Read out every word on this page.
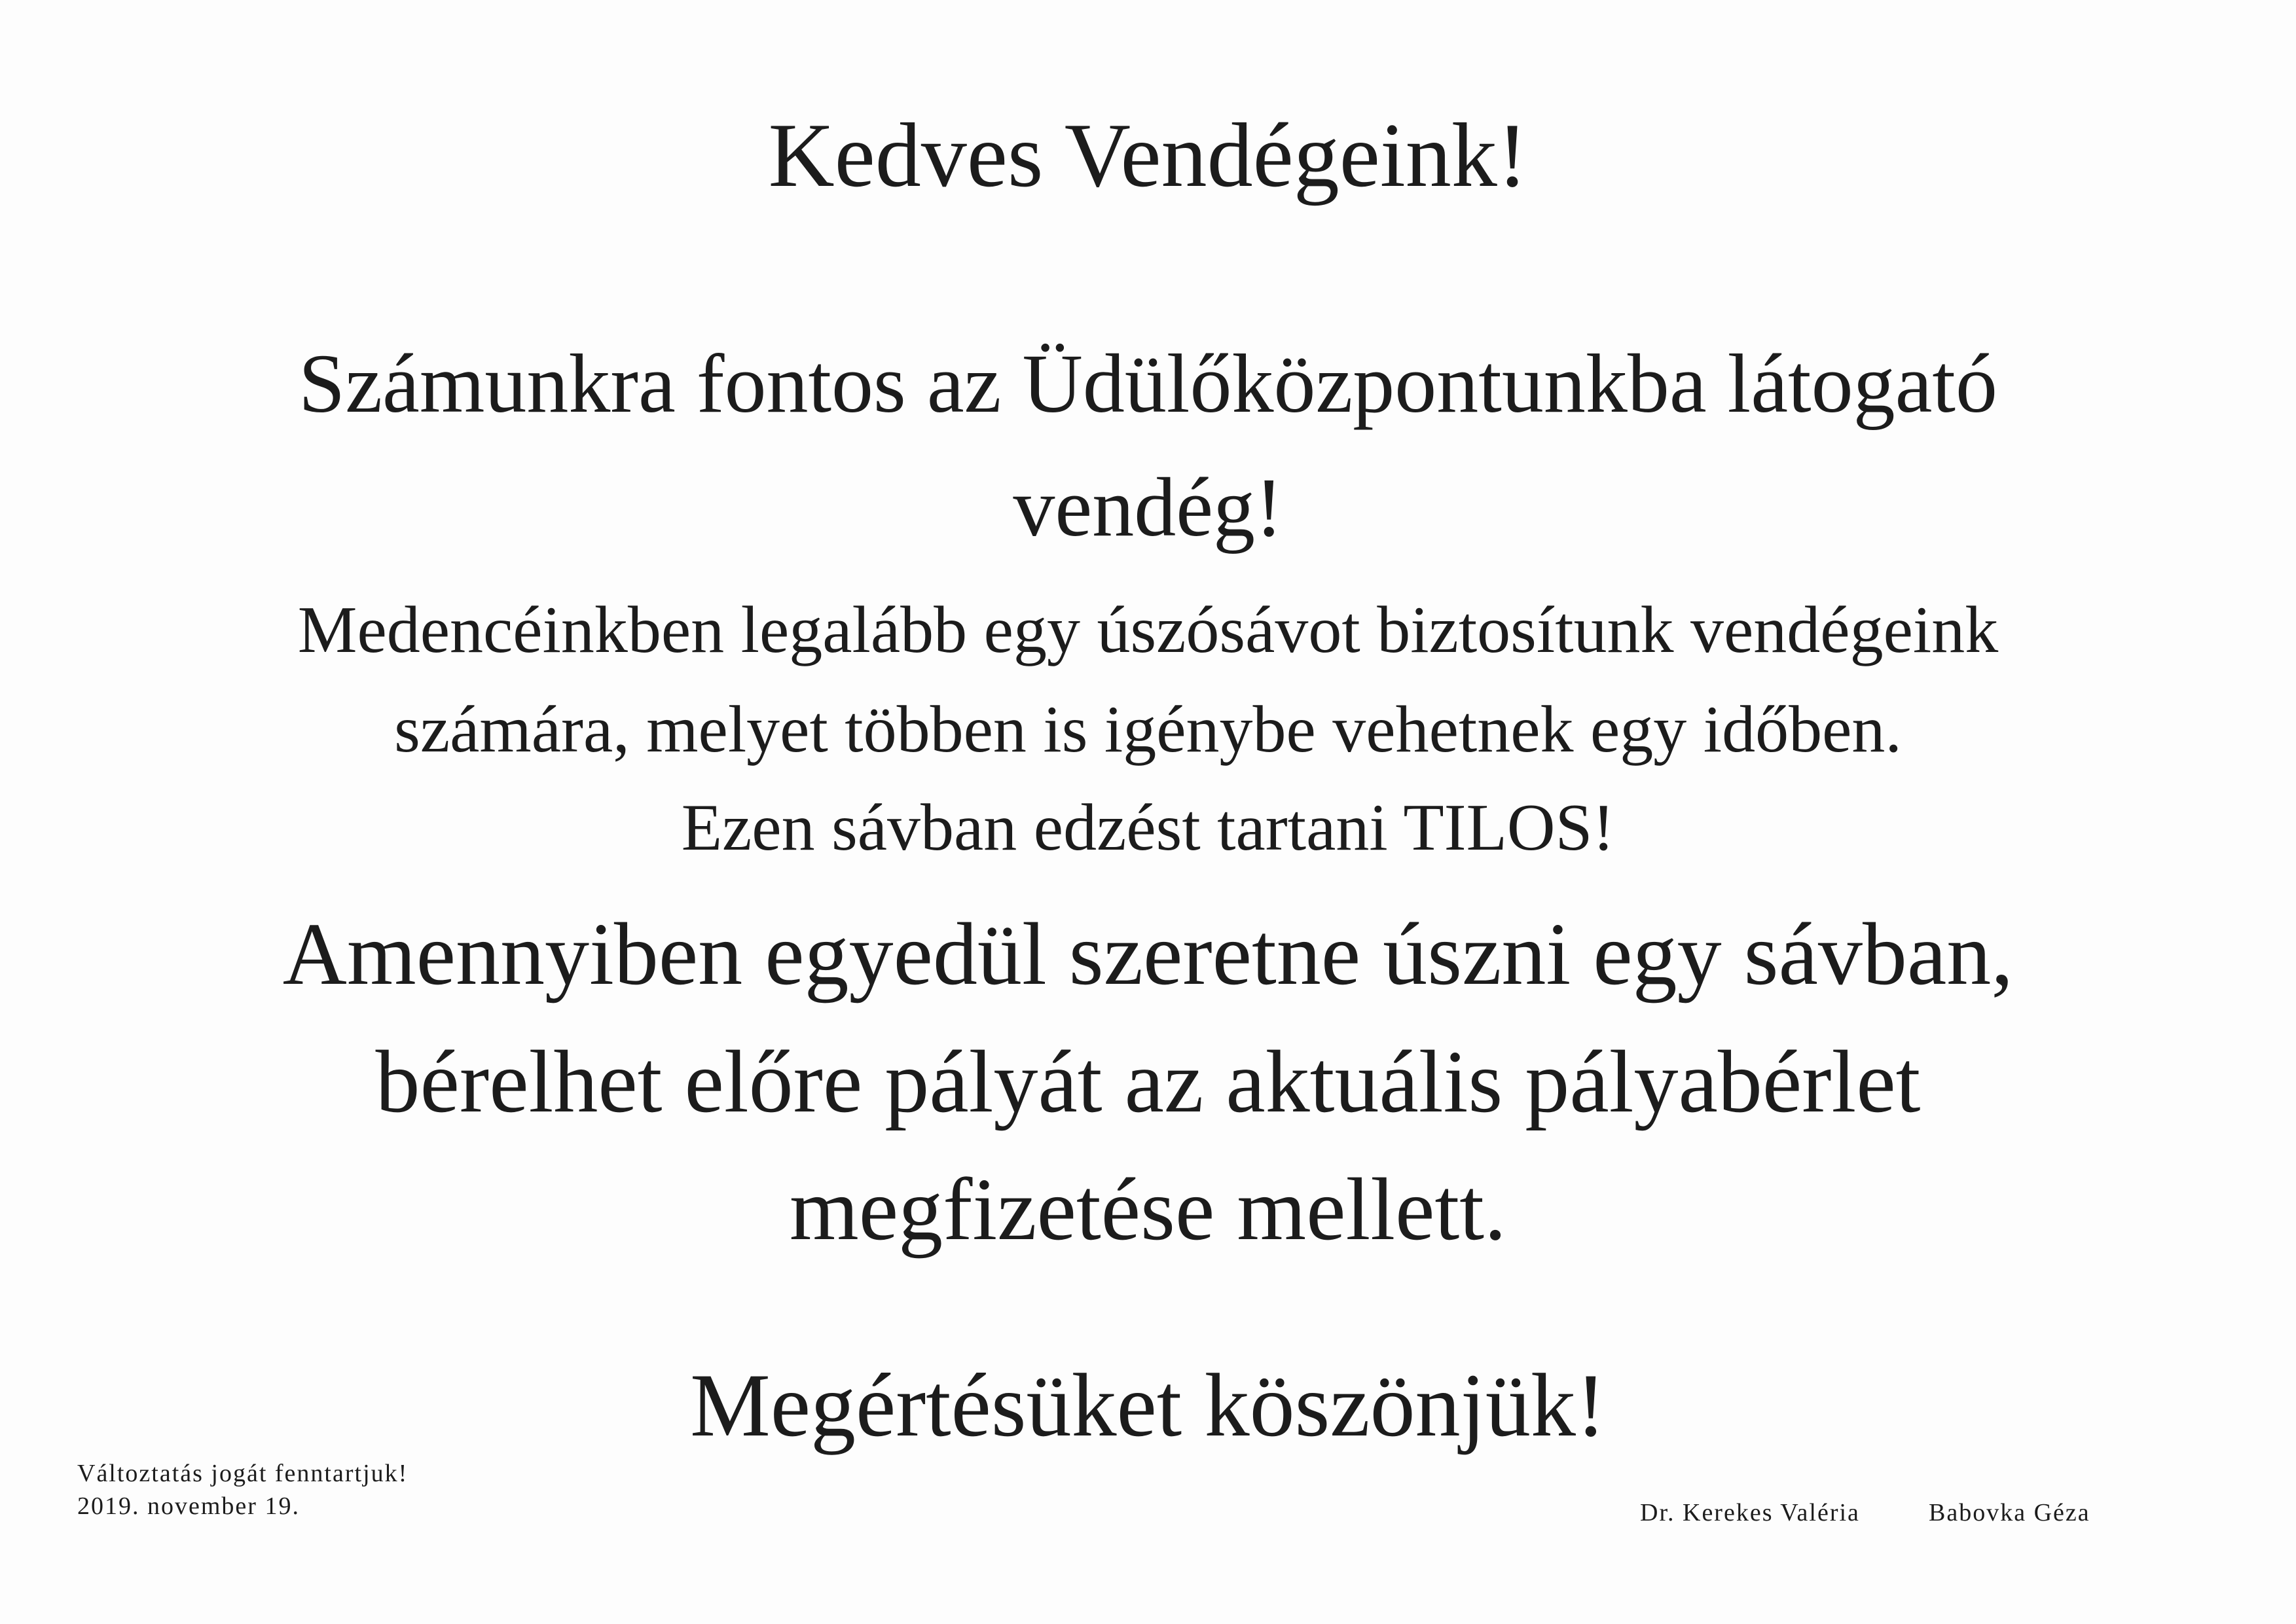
Kedves Vendégeink!
Számunkra fontos az Üdülőközpontunkba látogató
vendég!
Medencéinkben legalább egy úszósávot biztosítunk vendégeink
számára, melyet többen is igénybe vehetnek egy időben.
Ezen sávban edzést tartani TILOS!
Amennyiben egyedül szeretne úszni egy sávban,
bérelhet előre pályát az aktuális pályabérlet
megfizetése mellett.
Megértésüket köszönjük!
Változtatás jogát fenntartjuk!
2019. november 19.	Dr. Kerekes Valéria	Babovka Géza
